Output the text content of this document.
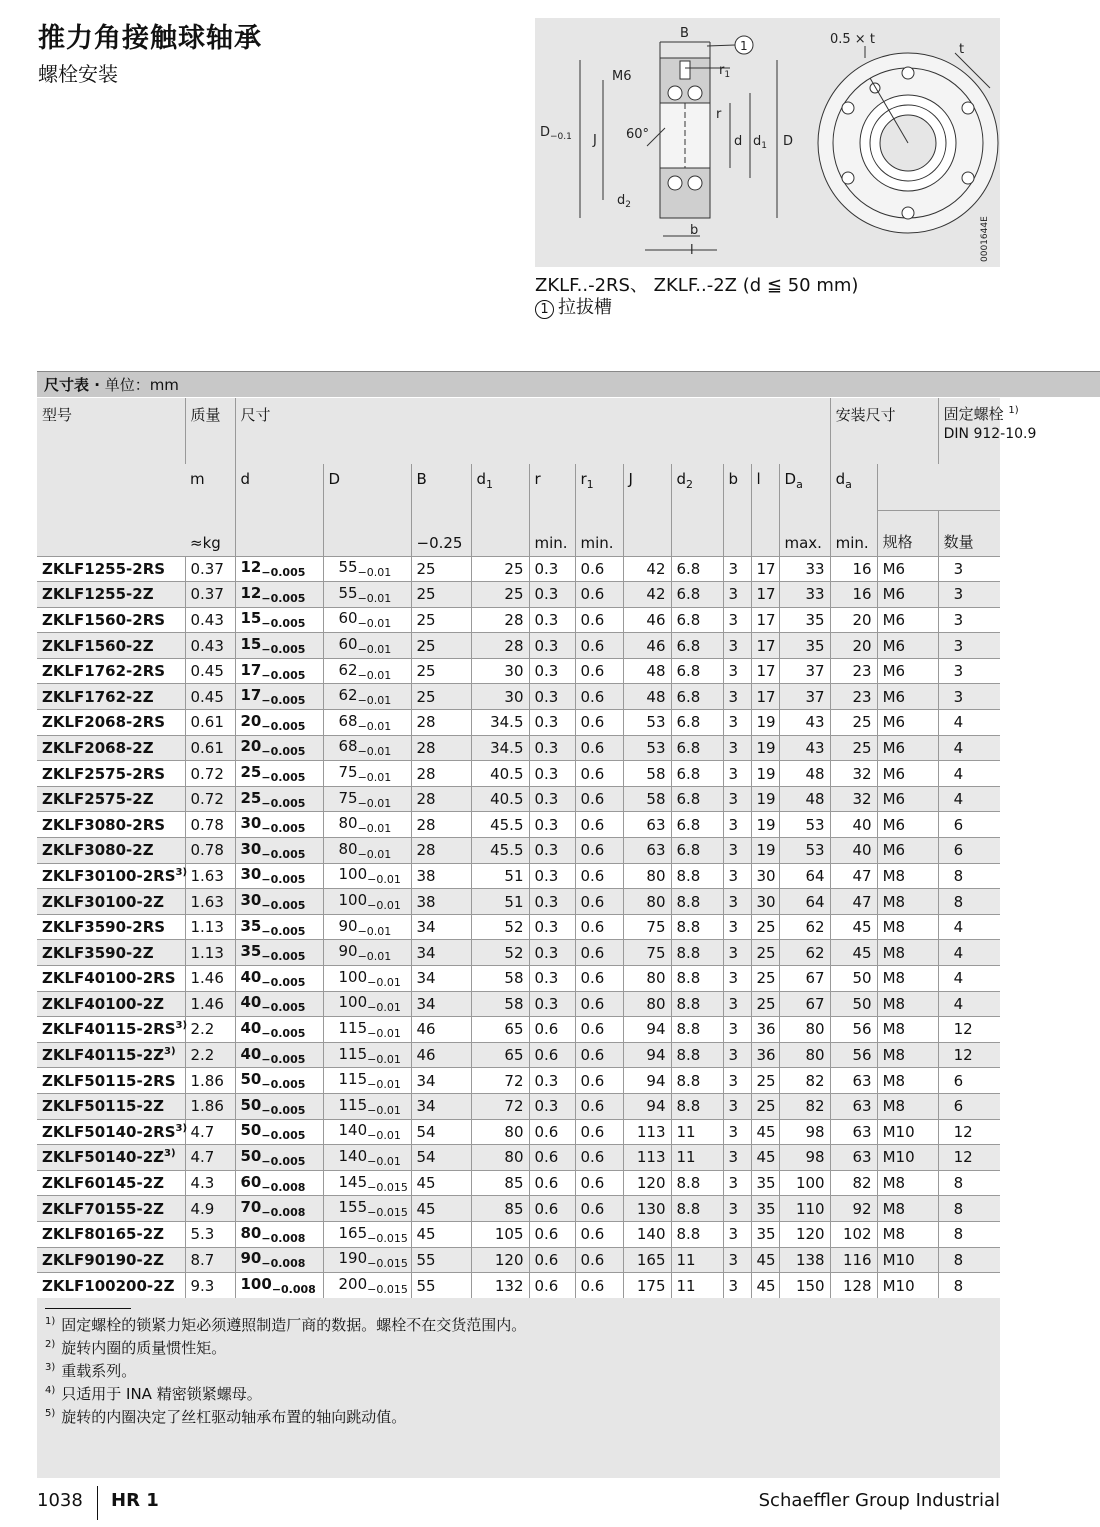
推力角接触球轴承
螺栓安装
B
1
M6	$r_1$
r
$D_{-0.1}$ J 60°	d $d_1$ D
$d_2$
b
l
0.5 × t
t
0001644E
ZKLF..-2RS、 ZKLF..-2Z (d ≦ 50 mm)
1 拉拔槽
尺寸表 · 单位：mm
型号	质量	尺寸											安装尺寸		固定螺栓 $^{1)}$
DIN 912-10.9
	m	d	D	B	$d_1$	r	$r_1$	J	$d_2$	b	l	$D_a$	$d_a$	
	≈kg			−0.25		min.	min.					max.	min.	规格	数量
ZKLF1255-2RS	0.37	$12_{-0.005}$	$55_{-0.01}$	25	25	0.3	0.6	42	6.8	3	17	33	16	M6	3
ZKLF1255-2Z	0.37	$12_{-0.005}$	$55_{-0.01}$	25	25	0.3	0.6	42	6.8	3	17	33	16	M6	3
ZKLF1560-2RS	0.43	$15_{-0.005}$	$60_{-0.01}$	25	28	0.3	0.6	46	6.8	3	17	35	20	M6	3
ZKLF1560-2Z	0.43	$15_{-0.005}$	$60_{-0.01}$	25	28	0.3	0.6	46	6.8	3	17	35	20	M6	3
ZKLF1762-2RS	0.45	$17_{-0.005}$	$62_{-0.01}$	25	30	0.3	0.6	48	6.8	3	17	37	23	M6	3
ZKLF1762-2Z	0.45	$17_{-0.005}$	$62_{-0.01}$	25	30	0.3	0.6	48	6.8	3	17	37	23	M6	3
ZKLF2068-2RS	0.61	$20_{-0.005}$	$68_{-0.01}$	28	34.5	0.3	0.6	53	6.8	3	19	43	25	M6	4
ZKLF2068-2Z	0.61	$20_{-0.005}$	$68_{-0.01}$	28	34.5	0.3	0.6	53	6.8	3	19	43	25	M6	4
ZKLF2575-2RS	0.72	$25_{-0.005}$	$75_{-0.01}$	28	40.5	0.3	0.6	58	6.8	3	19	48	32	M6	4
ZKLF2575-2Z	0.72	$25_{-0.005}$	$75_{-0.01}$	28	40.5	0.3	0.6	58	6.8	3	19	48	32	M6	4
ZKLF3080-2RS	0.78	$30_{-0.005}$	$80_{-0.01}$	28	45.5	0.3	0.6	63	6.8	3	19	53	40	M6	6
ZKLF3080-2Z	0.78	$30_{-0.005}$	$80_{-0.01}$	28	45.5	0.3	0.6	63	6.8	3	19	53	40	M6	6
ZKLF30100-2RS$^{3)}$	1.63	$30_{-0.005}$	$100_{-0.01}$	38	51	0.3	0.6	80	8.8	3	30	64	47	M8	8
ZKLF30100-2Z	1.63	$30_{-0.005}$	$100_{-0.01}$	38	51	0.3	0.6	80	8.8	3	30	64	47	M8	8
ZKLF3590-2RS	1.13	$35_{-0.005}$	$90_{-0.01}$	34	52	0.3	0.6	75	8.8	3	25	62	45	M8	4
ZKLF3590-2Z	1.13	$35_{-0.005}$	$90_{-0.01}$	34	52	0.3	0.6	75	8.8	3	25	62	45	M8	4
ZKLF40100-2RS	1.46	$40_{-0.005}$	$100_{-0.01}$	34	58	0.3	0.6	80	8.8	3	25	67	50	M8	4
ZKLF40100-2Z	1.46	$40_{-0.005}$	$100_{-0.01}$	34	58	0.3	0.6	80	8.8	3	25	67	50	M8	4
ZKLF40115-2RS$^{3)}$	2.2	$40_{-0.005}$	$115_{-0.01}$	46	65	0.6	0.6	94	8.8	3	36	80	56	M8	12
$ZKLF40115-2Z^{3)}$	2.2	$40_{-0.005}$	$115_{-0.01}$	46	65	0.6	0.6	94	8.8	3	36	80	56	M8	12
ZKLF50115-2RS	1.86	$50_{-0.005}$	$115_{-0.01}$	34	72	0.3	0.6	94	8.8	3	25	82	63	M8	6
ZKLF50115-2Z	1.86	$50_{-0.005}$	$115_{-0.01}$	34	72	0.3	0.6	94	8.8	3	25	82	63	M8	6
ZKLF50140-2RS$^{3)}$	4.7	$50_{-0.005}$	$140_{-0.01}$	54	80	0.6	0.6	113	11	3	45	98	63	M10	12
$ZKLF50140-2Z^{3)}$	4.7	$50_{-0.005}$	$140_{-0.01}$	54	80	0.6	0.6	113	11	3	45	98	63	M10	12
ZKLF60145-2Z	4.3	$60_{-0.008}$	$145_{-0.015}$	45	85	0.6	0.6	120	8.8	3	35	100	82	M8	8
ZKLF70155-2Z	4.9	$70_{-0.008}$	$155_{-0.015}$	45	85	0.6	0.6	130	8.8	3	35	110	92	M8	8
ZKLF80165-2Z	5.3	$80_{-0.008}$	$165_{-0.015}$	45	105	0.6	0.6	140	8.8	3	35	120	102	M8	8
ZKLF90190-2Z	8.7	$90_{-0.008}$	$190_{-0.015}$	55	120	0.6	0.6	165	11	3	45	138	116	M10	8
ZKLF100200-2Z	9.3	$100_{-0.008}$	$200_{-0.015}$	55	132	0.6	0.6	175	11	3	45	150	128	M10	8
$^{1)}$ 固定螺栓的锁紧力矩必须遵照制造厂商的数据。螺栓不在交货范围内。
$^{2)}$ 旋转内圈的质量惯性矩。
$^{3)}$ 重载系列。
$^{4)}$ 只适用于 INA 精密锁紧螺母。
$^{5)}$ 旋转的内圈决定了丝杠驱动轴承布置的轴向跳动值。
1038 HR 1	Schaeffler Group Industrial
